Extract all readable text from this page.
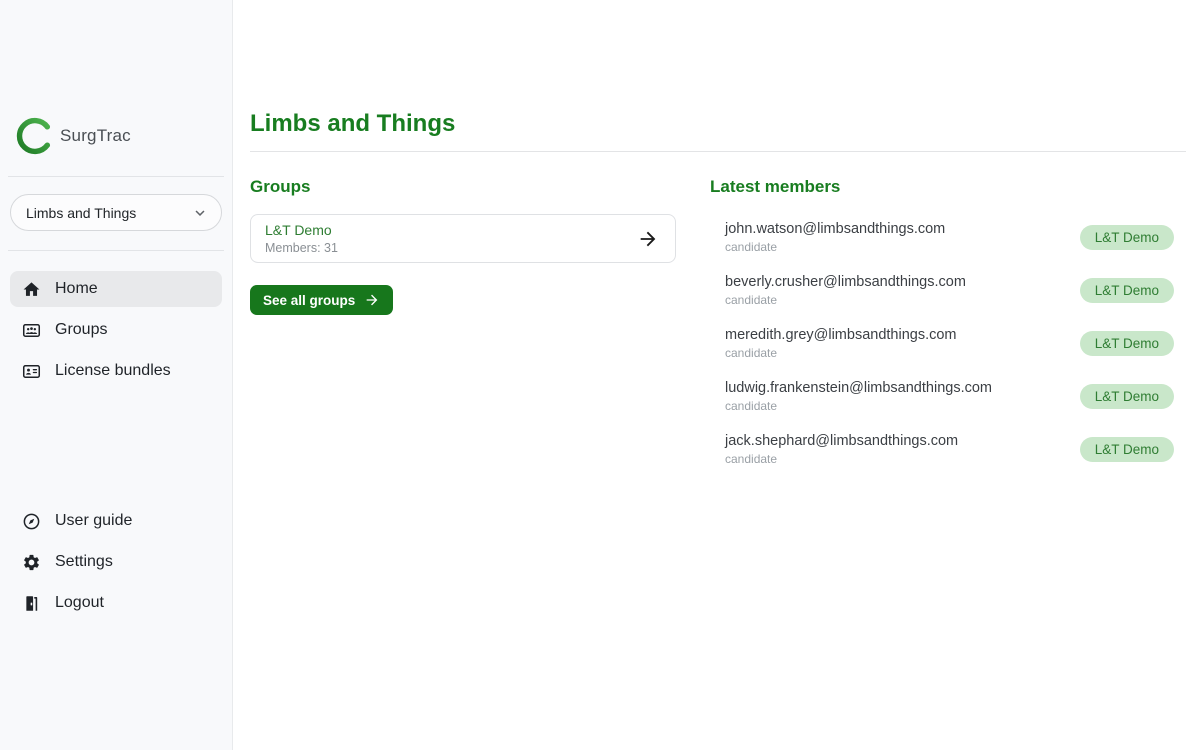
SurgTrac
Limbs and Things
Home
Groups
License bundles
User guide
Settings
Logout
Limbs and Things
Groups
L&T Demo
Members: 31
See all groups
Latest members
john.watson@limbsandthings.com
candidate
L&T Demo
beverly.crusher@limbsandthings.com
candidate
L&T Demo
meredith.grey@limbsandthings.com
candidate
L&T Demo
ludwig.frankenstein@limbsandthings.com
candidate
L&T Demo
jack.shephard@limbsandthings.com
candidate
L&T Demo
